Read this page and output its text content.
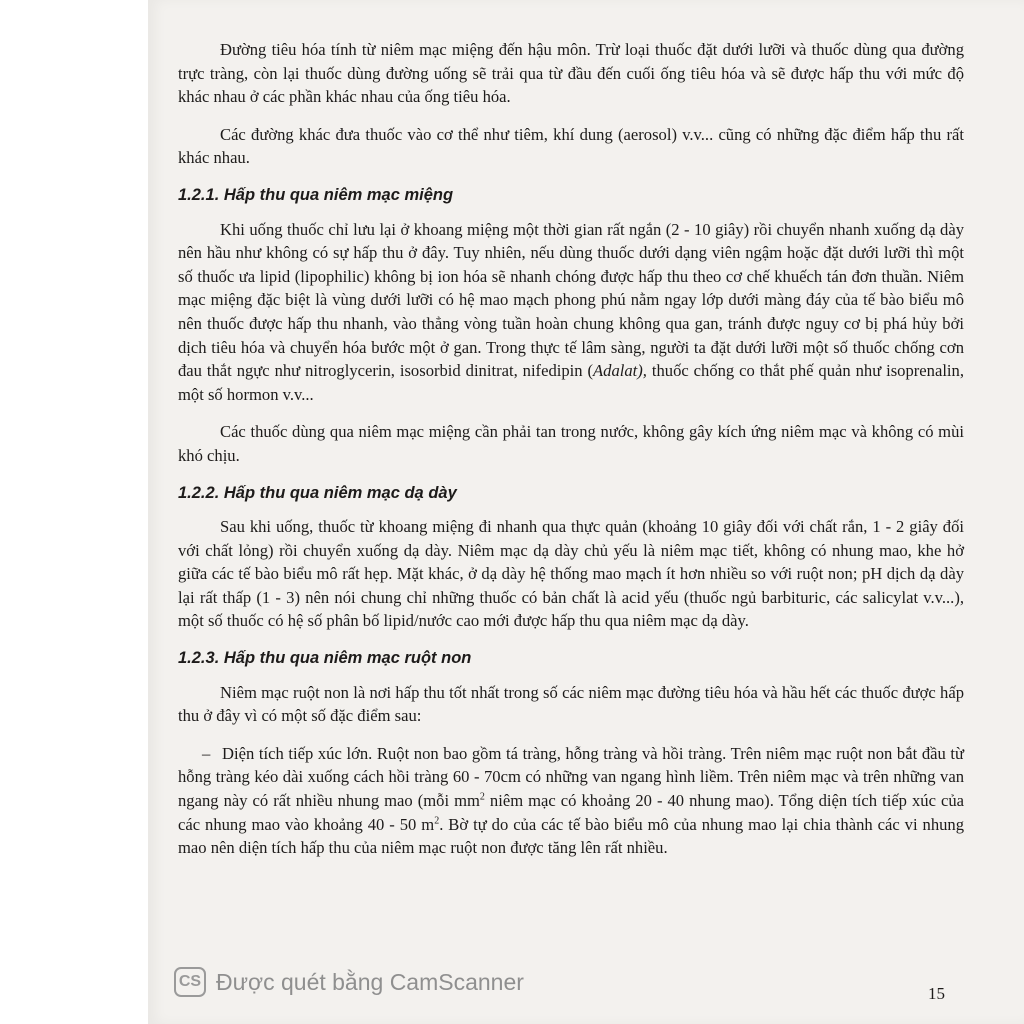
Đường tiêu hóa tính từ niêm mạc miệng đến hậu môn. Trừ loại thuốc đặt dưới lưỡi và thuốc dùng qua đường trực tràng, còn lại thuốc dùng đường uống sẽ trải qua từ đầu đến cuối ống tiêu hóa và sẽ được hấp thu với mức độ khác nhau ở các phần khác nhau của ống tiêu hóa.

Các đường khác đưa thuốc vào cơ thể như tiêm, khí dung (aerosol) v.v... cũng có những đặc điểm hấp thu rất khác nhau.

1.2.1. Hấp thu qua niêm mạc miệng

Khi uống thuốc chỉ lưu lại ở khoang miệng một thời gian rất ngắn (2 - 10 giây) rồi chuyển nhanh xuống dạ dày nên hầu như không có sự hấp thu ở đây. Tuy nhiên, nếu dùng thuốc dưới dạng viên ngậm hoặc đặt dưới lưỡi thì một số thuốc ưa lipid (lipophilic) không bị ion hóa sẽ nhanh chóng được hấp thu theo cơ chế khuếch tán đơn thuần. Niêm mạc miệng đặc biệt là vùng dưới lưỡi có hệ mao mạch phong phú nằm ngay lớp dưới màng đáy của tế bào biểu mô nên thuốc được hấp thu nhanh, vào thẳng vòng tuần hoàn chung không qua gan, tránh được nguy cơ bị phá hủy bởi dịch tiêu hóa và chuyển hóa bước một ở gan. Trong thực tế lâm sàng, người ta đặt dưới lưỡi một số thuốc chống cơn đau thắt ngực như nitroglycerin, isosorbid dinitrat, nifedipin (Adalat), thuốc chống co thắt phế quản như isoprenalin, một số hormon v.v...

Các thuốc dùng qua niêm mạc miệng cần phải tan trong nước, không gây kích ứng niêm mạc và không có mùi khó chịu.

1.2.2. Hấp thu qua niêm mạc dạ dày

Sau khi uống, thuốc từ khoang miệng đi nhanh qua thực quản (khoảng 10 giây đối với chất rắn, 1 - 2 giây đối với chất lỏng) rồi chuyển xuống dạ dày. Niêm mạc dạ dày chủ yếu là niêm mạc tiết, không có nhung mao, khe hở giữa các tế bào biểu mô rất hẹp. Mặt khác, ở dạ dày hệ thống mao mạch ít hơn nhiều so với ruột non; pH dịch dạ dày lại rất thấp (1 - 3) nên nói chung chỉ những thuốc có bản chất là acid yếu (thuốc ngủ barbituric, các salicylat v.v...), một số thuốc có hệ số phân bố lipid/nước cao mới được hấp thu qua niêm mạc dạ dày.

1.2.3. Hấp thu qua niêm mạc ruột non

Niêm mạc ruột non là nơi hấp thu tốt nhất trong số các niêm mạc đường tiêu hóa và hầu hết các thuốc được hấp thu ở đây vì có một số đặc điểm sau:

– Diện tích tiếp xúc lớn. Ruột non bao gồm tá tràng, hỗng tràng và hồi tràng. Trên niêm mạc ruột non bắt đầu từ hỗng tràng kéo dài xuống cách hồi tràng 60 - 70cm có những van ngang hình liềm. Trên niêm mạc và trên những van ngang này có rất nhiều nhung mao (mỗi $mm^2$ niêm mạc có khoảng 20 - 40 nhung mao). Tổng diện tích tiếp xúc của các nhung mao vào khoảng 40 - 50 $m^2$. Bờ tự do của các tế bào biểu mô của nhung mao lại chia thành các vi nhung mao nên diện tích hấp thu của niêm mạc ruột non được tăng lên rất nhiều.

15
CS Được quét bằng CamScanner
